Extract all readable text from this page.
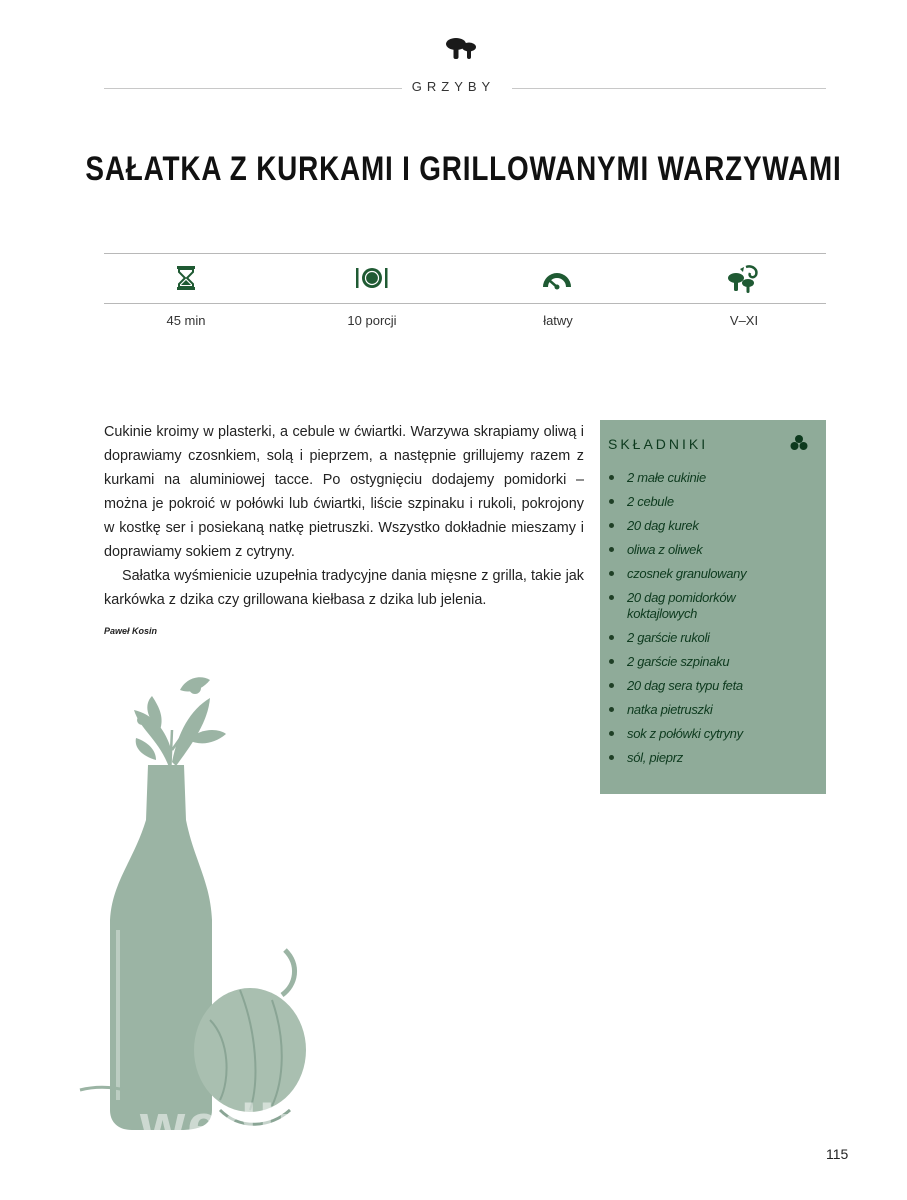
GRZYBY
SAŁATKA Z KURKAMI I GRILLOWANYMI WARZYWAMI
45 min	10 porcji	łatwy	V–XI

Cukinie kroimy w plasterki, a cebule w ćwiartki. Warzywa skrapiamy oliwą i doprawiamy czosnkiem, solą i pieprzem, a następnie grillujemy razem z kurkami na aluminiowej tacce. Po ostygnięciu dodajemy pomidorki – można je pokroić w połówki lub ćwiartki, liście szpinaku i rukoli, pokrojony w kostkę ser i posiekaną natkę pietruszki. Wszystko dokładnie mieszamy i doprawiamy sokiem z cytryny.

Sałatka wyśmienicie uzupełnia tradycyjne dania mięsne z grilla, takie jak karkówka z dzika czy grillowana kiełbasa z dzika lub jelenia.

Paweł Kosin
SKŁADNIKI
2 małe cukinie
2 cebule
20 dag kurek
oliwa z oliwek
czosnek granulowany
20 dag pomidorków koktajlowych
2 garście rukoli
2 garście szpinaku
20 dag sera typu feta
natka pietruszki
sok z połówki cytryny
sól, pieprz
wedlinydomowe.pl	115
